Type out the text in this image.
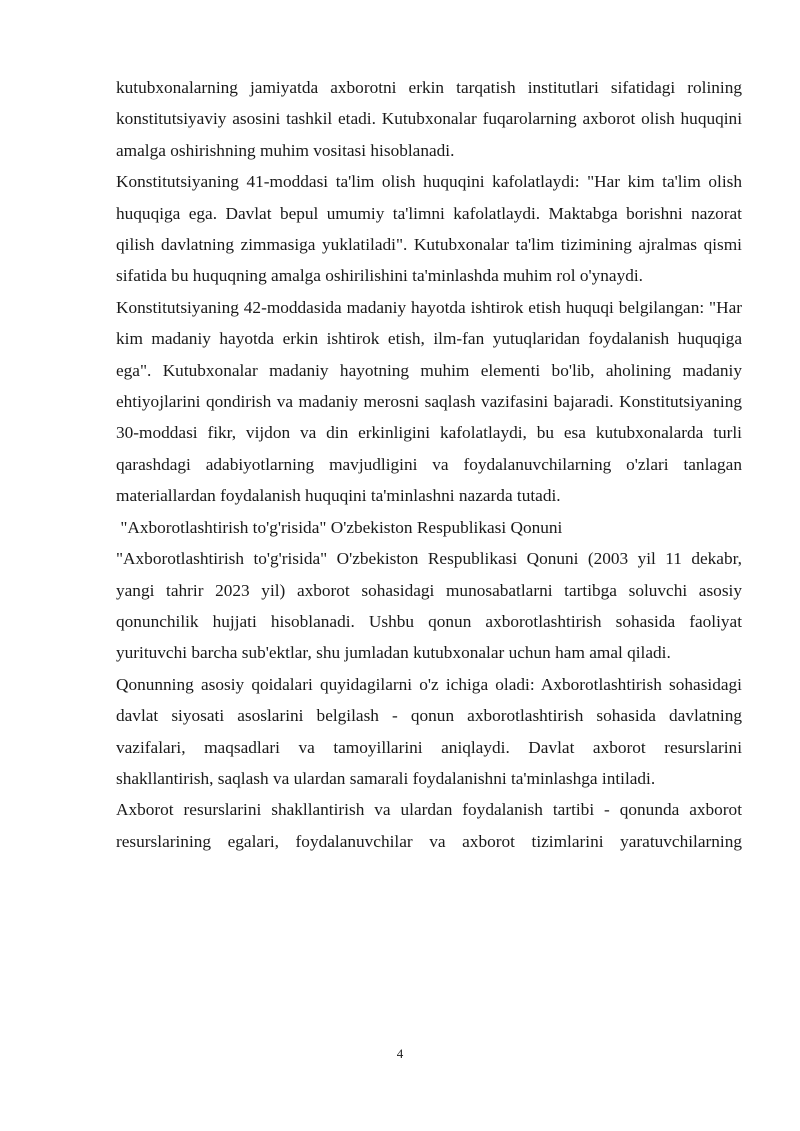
kutubxonalarning jamiyatda axborotni erkin tarqatish institutlari sifatidagi rolining konstitutsiyaviy asosini tashkil etadi. Kutubxonalar fuqarolarning axborot olish huquqini amalga oshirishning muhim vositasi hisoblanadi.

Konstitutsiyaning 41-moddasi ta'lim olish huquqini kafolatlaydi: "Har kim ta'lim olish huquqiga ega. Davlat bepul umumiy ta'limni kafolatlaydi. Maktabga borishni nazorat qilish davlatning zimmasiga yuklatiladi". Kutubxonalar ta'lim tizimining ajralmas qismi sifatida bu huquqning amalga oshirilishini ta'minlashda muhim rol o'ynaydi.

Konstitutsiyaning 42-moddasida madaniy hayotda ishtirok etish huquqi belgilangan: "Har kim madaniy hayotda erkin ishtirok etish, ilm-fan yutuqlaridan foydalanish huquqiga ega". Kutubxonalar madaniy hayotning muhim elementi bo'lib, aholining madaniy ehtiyojlarini qondirish va madaniy merosni saqlash vazifasini bajaradi. Konstitutsiyaning 30-moddasi fikr, vijdon va din erkinligini kafolatlaydi, bu esa kutubxonalarda turli qarashdagi adabiyotlarning mavjudligini va foydalanuvchilarning o'zlari tanlagan materiallardan foydalanish huquqini ta'minlashni nazarda tutadi.

"Axborotlashtirish to'g'risida" O'zbekiston Respublikasi Qonuni

"Axborotlashtirish to'g'risida" O'zbekiston Respublikasi Qonuni (2003 yil 11 dekabr, yangi tahrir 2023 yil) axborot sohasidagi munosabatlarni tartibga soluvchi asosiy qonunchilik hujjati hisoblanadi. Ushbu qonun axborotlashtirish sohasida faoliyat yurituvchi barcha sub'ektlar, shu jumladan kutubxonalar uchun ham amal qiladi.

Qonunning asosiy qoidalari quyidagilarni o'z ichiga oladi: Axborotlashtirish sohasidagi davlat siyosati asoslarini belgilash - qonun axborotlashtirish sohasida davlatning vazifalari, maqsadlari va tamoyillarini aniqlaydi. Davlat axborot resurslarini shakllantirish, saqlash va ulardan samarali foydalanishni ta'minlashga intiladi.

Axborot resurslarini shakllantirish va ulardan foydalanish tartibi - qonunda axborot resurslarining egalari, foydalanuvchilar va axborot tizimlarini yaratuvchilarning

4
